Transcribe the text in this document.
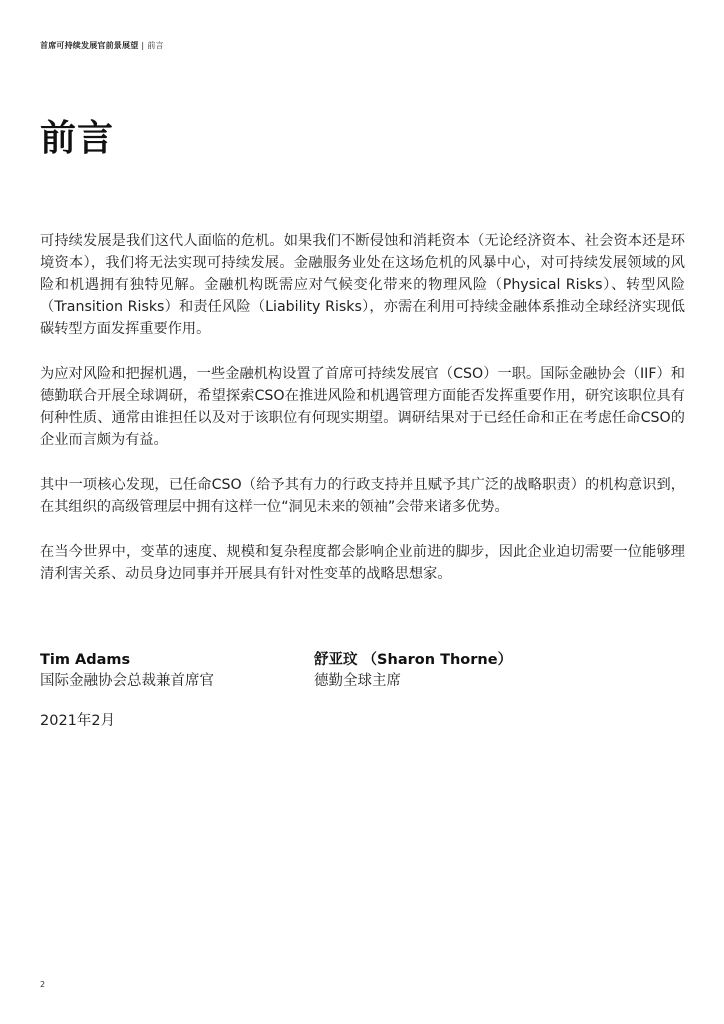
首席可持续发展官前景展望 | 前言
前言

可持续发展是我们这代人面临的危机。如果我们不断侵蚀和消耗资本（无论经济资本、社会资本还是环境资本），我们将无法实现可持续发展。金融服务业处在这场危机的风暴中心，对可持续发展领域的风险和机遇拥有独特见解。金融机构既需应对气候变化带来的物理风险（Physical Risks）、转型风险（Transition Risks）和责任风险（Liability Risks），亦需在利用可持续金融体系推动全球经济实现低碳转型方面发挥重要作用。

为应对风险和把握机遇，一些金融机构设置了首席可持续发展官（CSO）一职。国际金融协会（IIF）和德勤联合开展全球调研，希望探索CSO在推进风险和机遇管理方面能否发挥重要作用，研究该职位具有何种性质、通常由谁担任以及对于该职位有何现实期望。调研结果对于已经任命和正在考虑任命CSO的企业而言颇为有益。

其中一项核心发现，已任命CSO（给予其有力的行政支持并且赋予其广泛的战略职责）的机构意识到，在其组织的高级管理层中拥有这样一位“洞见未来的领袖”会带来诸多优势。

在当今世界中，变革的速度、规模和复杂程度都会影响企业前进的脚步，因此企业迫切需要一位能够理清利害关系、动员身边同事并开展具有针对性变革的战略思想家。

Tim Adams
国际金融协会总裁兼首席官
舒亚玟 （Sharon Thorne）
德勤全球主席
2021年2月
2
